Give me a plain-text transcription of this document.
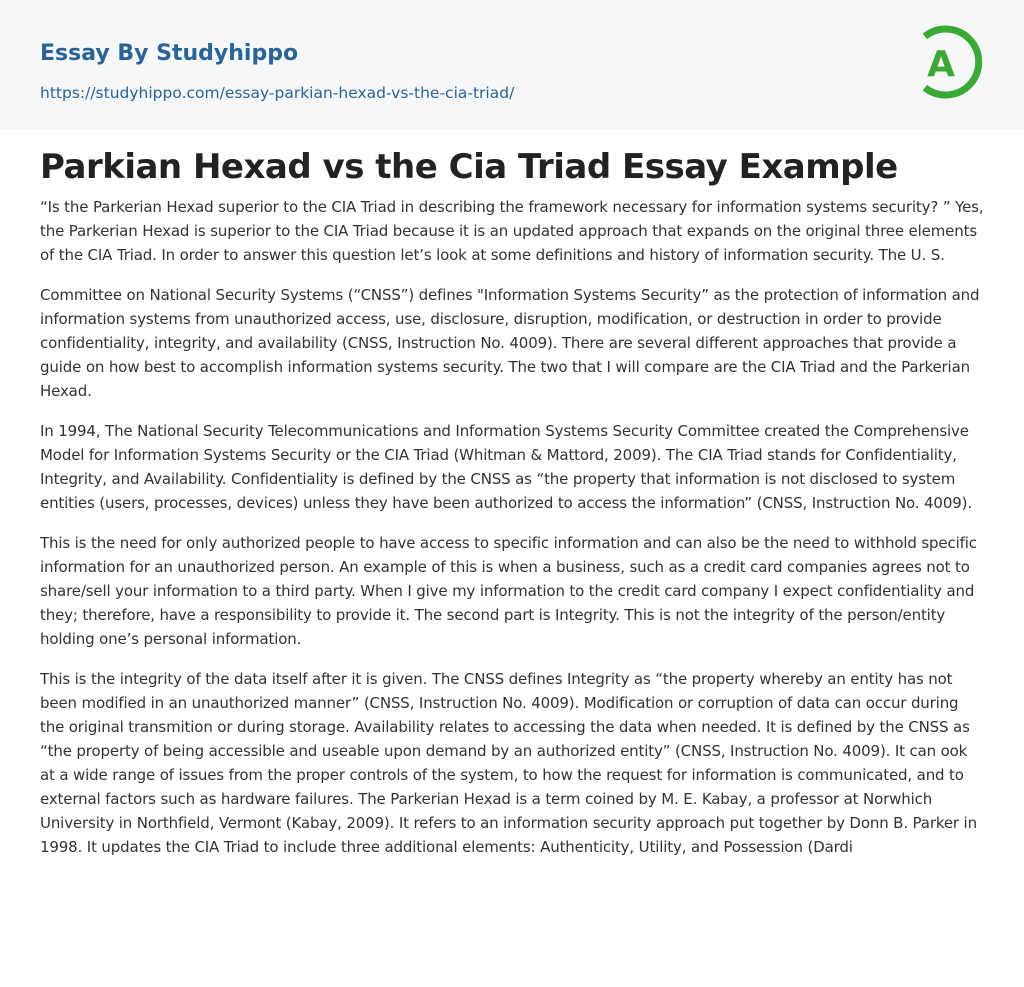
Essay By Studyhippo
https://studyhippo.com/essay-parkian-hexad-vs-the-cia-triad/
A
Parkian Hexad vs the Cia Triad Essay Example

“Is the Parkerian Hexad superior to the CIA Triad in describing the framework necessary for information systems security? ” Yes, the Parkerian Hexad is superior to the CIA Triad because it is an updated approach that expands on the original three elements of the CIA Triad. In order to answer this question let’s look at some definitions and history of information security. The U. S.

Committee on National Security Systems (“CNSS”) defines "Information Systems Security” as the protection of information and information systems from unauthorized access, use, disclosure, disruption, modification, or destruction in order to provide confidentiality, integrity, and availability (CNSS, Instruction No. 4009). There are several different approaches that provide a guide on how best to accomplish information systems security. The two that I will compare are the CIA Triad and the Parkerian Hexad.

In 1994, The National Security Telecommunications and Information Systems Security Committee created the Comprehensive Model for Information Systems Security or the CIA Triad (Whitman & Mattord, 2009). The CIA Triad stands for Confidentiality, Integrity, and Availability. Confidentiality is defined by the CNSS as “the property that information is not disclosed to system entities (users, processes, devices) unless they have been authorized to access the information” (CNSS, Instruction No. 4009).

This is the need for only authorized people to have access to specific information and can also be the need to withhold specific information for an unauthorized person. An example of this is when a business, such as a credit card companies agrees not to share/sell your information to a third party. When I give my information to the credit card company I expect confidentiality and they; therefore, have a responsibility to provide it. The second part is Integrity. This is not the integrity of the person/entity holding one’s personal information.

This is the integrity of the data itself after it is given. The CNSS defines Integrity as “the property whereby an entity has not been modified in an unauthorized manner” (CNSS, Instruction No. 4009). Modification or corruption of data can occur during the original transmition or during storage. Availability relates to accessing the data when needed. It is defined by the CNSS as “the property of being accessible and useable upon demand by an authorized entity” (CNSS, Instruction No. 4009). It can ook at a wide range of issues from the proper controls of the system, to how the request for information is communicated, and to external factors such as hardware failures. The Parkerian Hexad is a term coined by M. E. Kabay, a professor at Norwhich University in Northfield, Vermont (Kabay, 2009). It refers to an information security approach put together by Donn B. Parker in 1998. It updates the CIA Triad to include three additional elements: Authenticity, Utility, and Possession (Dardi
